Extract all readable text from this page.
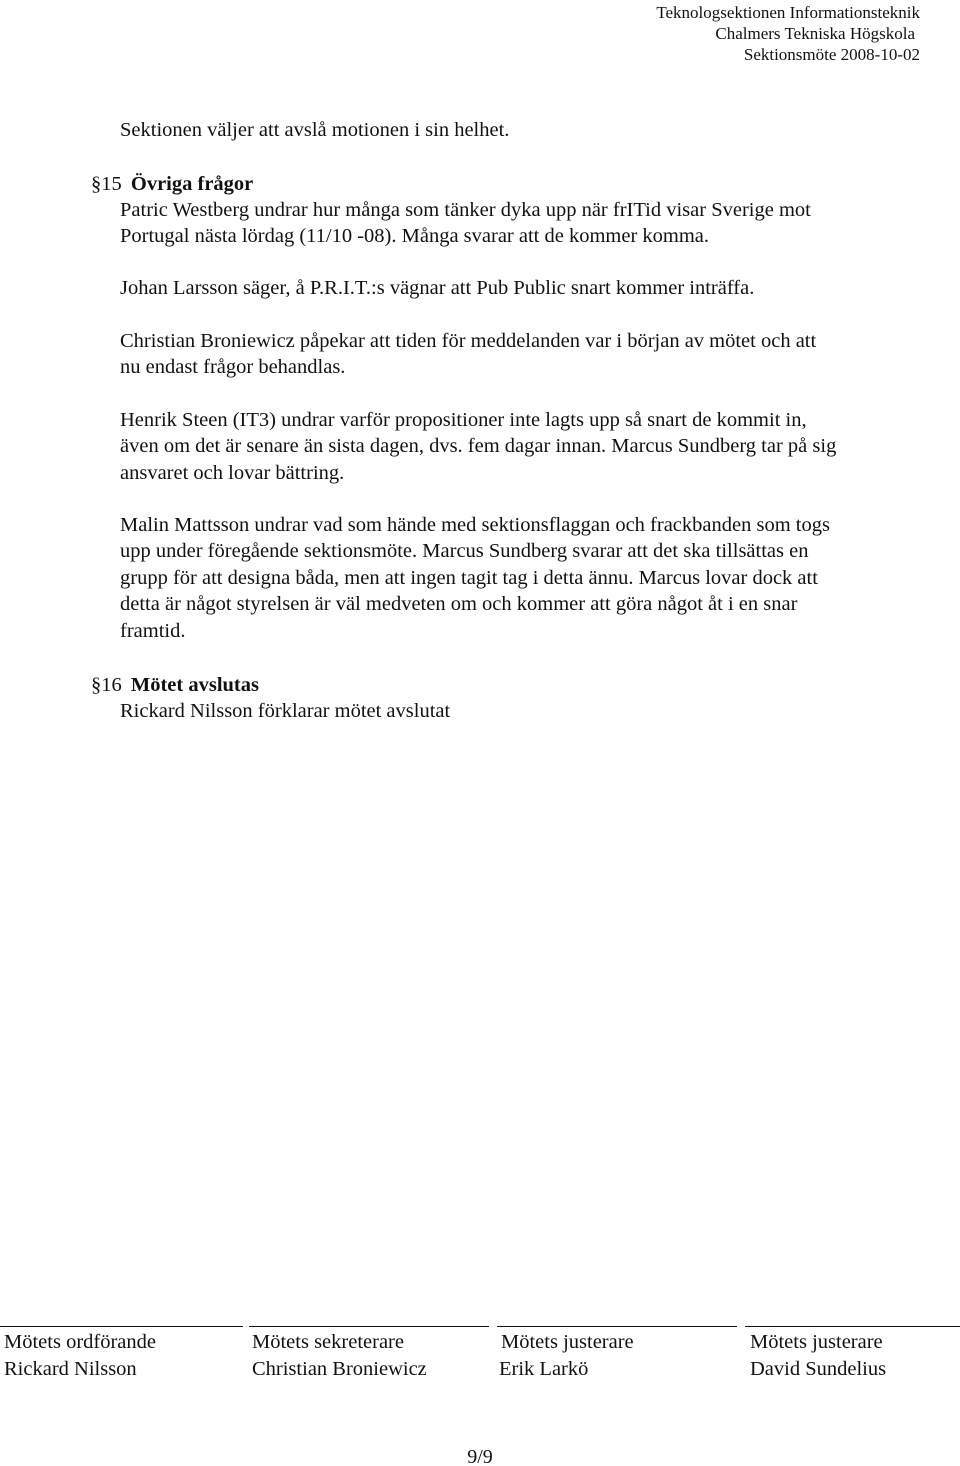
Teknologsektionen Informationsteknik
Chalmers Tekniska Högskola
Sektionsmöte 2008-10-02
Sektionen väljer att avslå motionen i sin helhet.
§15 Övriga frågor
Patric Westberg undrar hur många som tänker dyka upp när frITid visar Sverige mot
Portugal nästa lördag (11/10 -08). Många svarar att de kommer komma.
Johan Larsson säger, å P.R.I.T.:s vägnar att Pub Public snart kommer inträffa.
Christian Broniewicz påpekar att tiden för meddelanden var i början av mötet och att
nu endast frågor behandlas.
Henrik Steen (IT3) undrar varför propositioner inte lagts upp så snart de kommit in,
även om det är senare än sista dagen, dvs. fem dagar innan. Marcus Sundberg tar på sig
ansvaret och lovar bättring.
Malin Mattsson undrar vad som hände med sektionsflaggan och frackbanden som togs
upp under föregående sektionsmöte. Marcus Sundberg svarar att det ska tillsättas en
grupp för att designa båda, men att ingen tagit tag i detta ännu. Marcus lovar dock att
detta är något styrelsen är väl medveten om och kommer att göra något åt i en snar
framtid.
§16 Mötet avslutas
Rickard Nilsson förklarar mötet avslutat
Mötets ordförande
Rickard Nilsson
Mötets sekreterare
Christian Broniewicz
Mötets justerare
Erik Larkö
Mötets justerare
David Sundelius
9/9
